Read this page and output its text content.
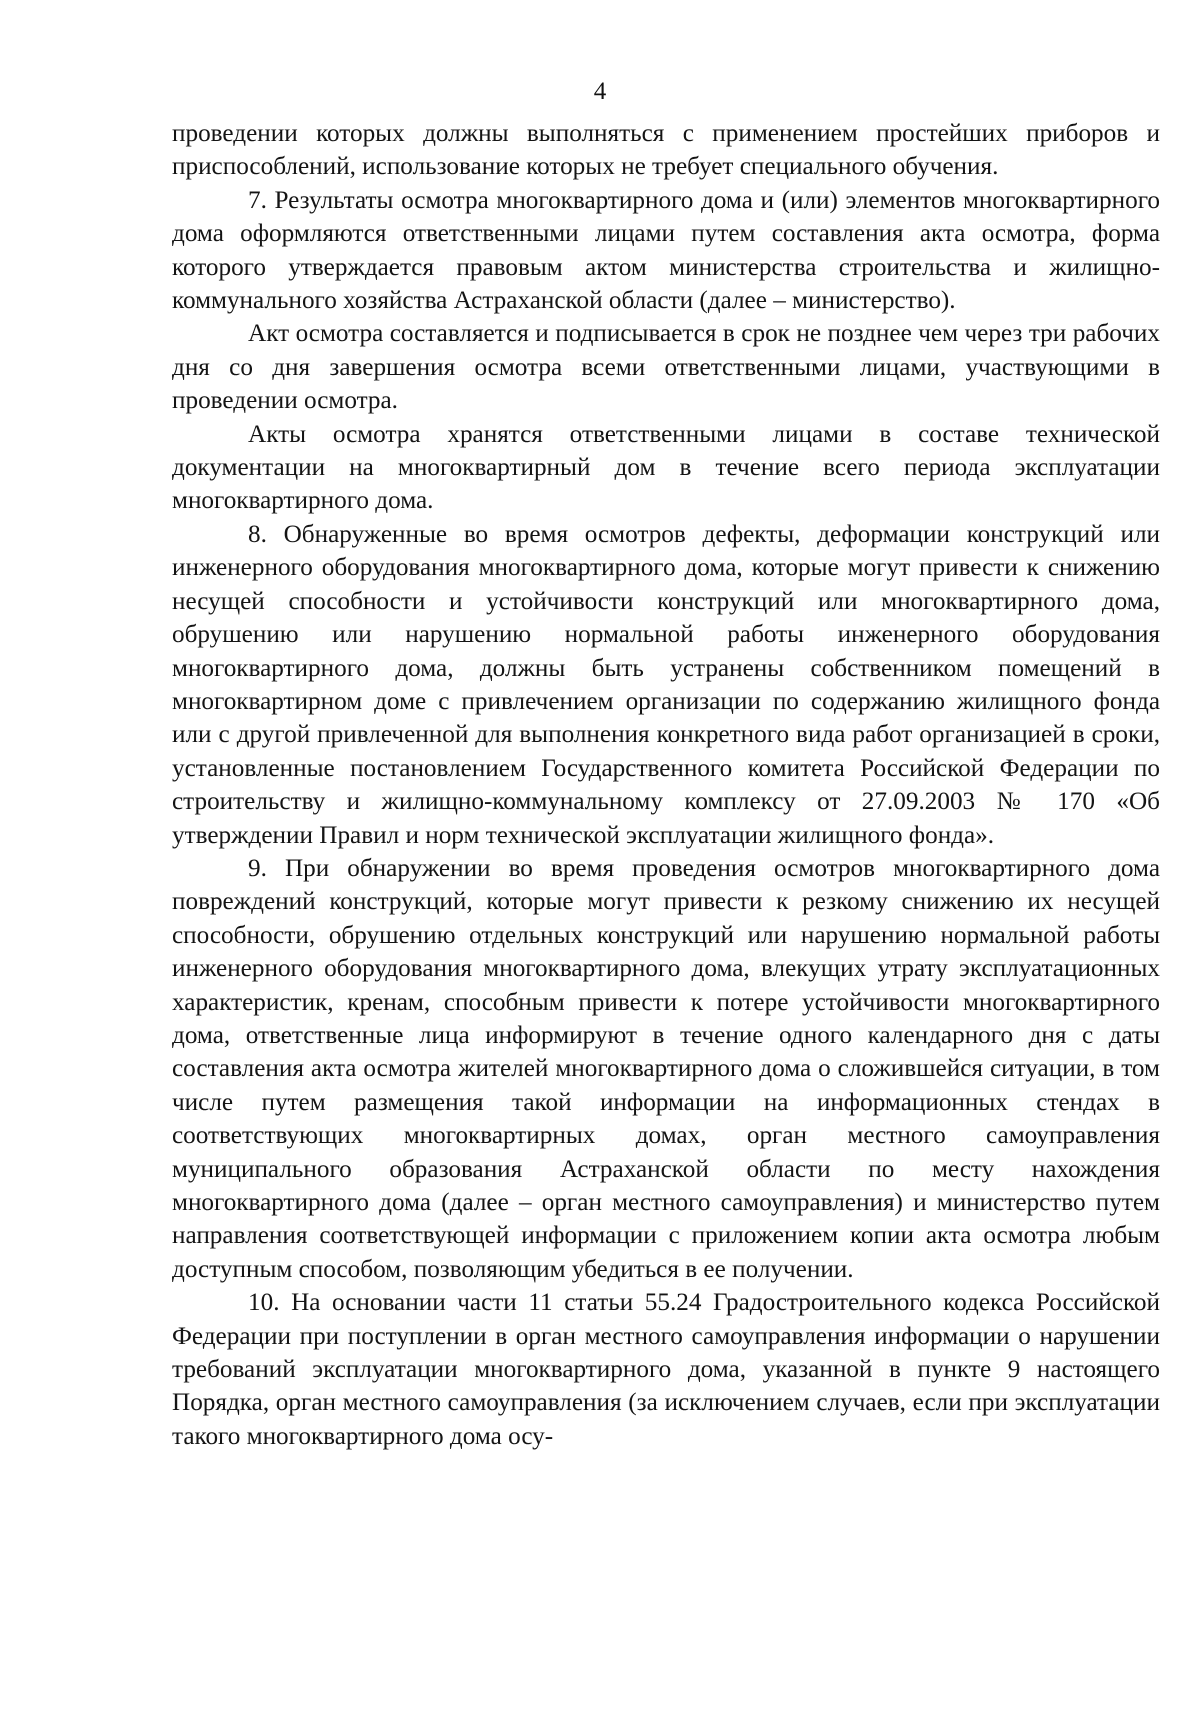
4

проведении которых должны выполняться с применением простейших приборов и приспособлений, использование которых не требует специального обучения.

7. Результаты осмотра многоквартирного дома и (или) элементов многоквартирного дома оформляются ответственными лицами путем составления акта осмотра, форма которого утверждается правовым актом министерства строительства и жилищно-коммунального хозяйства Астраханской области (далее – министерство).

Акт осмотра составляется и подписывается в срок не позднее чем через три рабочих дня со дня завершения осмотра всеми ответственными лицами, участвующими в проведении осмотра.

Акты осмотра хранятся ответственными лицами в составе технической документации на многоквартирный дом в течение всего периода эксплуатации многоквартирного дома.

8. Обнаруженные во время осмотров дефекты, деформации конструкций или инженерного оборудования многоквартирного дома, которые могут привести к снижению несущей способности и устойчивости конструкций или многоквартирного дома, обрушению или нарушению нормальной работы инженерного оборудования многоквартирного дома, должны быть устранены собственником помещений в многоквартирном доме с привлечением организации по содержанию жилищного фонда или с другой привлеченной для выполнения конкретного вида работ организацией в сроки, установленные постановлением Государственного комитета Российской Федерации по строительству и жилищно-коммунальному комплексу от 27.09.2003 № 170 «Об утверждении Правил и норм технической эксплуатации жилищного фонда».

9. При обнаружении во время проведения осмотров многоквартирного дома повреждений конструкций, которые могут привести к резкому снижению их несущей способности, обрушению отдельных конструкций или нарушению нормальной работы инженерного оборудования многоквартирного дома, влекущих утрату эксплуатационных характеристик, кренам, способным привести к потере устойчивости многоквартирного дома, ответственные лица информируют в течение одного календарного дня с даты составления акта осмотра жителей многоквартирного дома о сложившейся ситуации, в том числе путем размещения такой информации на информационных стендах в соответствующих многоквартирных домах, орган местного самоуправления муниципального образования Астраханской области по месту нахождения многоквартирного дома (далее – орган местного самоуправления) и министерство путем направления соответствующей информации с приложением копии акта осмотра любым доступным способом, позволяющим убедиться в ее получении.

10. На основании части 11 статьи 55.24 Градостроительного кодекса Российской Федерации при поступлении в орган местного самоуправления информации о нарушении требований эксплуатации многоквартирного дома, указанной в пункте 9 настоящего Порядка, орган местного самоуправления (за исключением случаев, если при эксплуатации такого многоквартирного дома осу-
